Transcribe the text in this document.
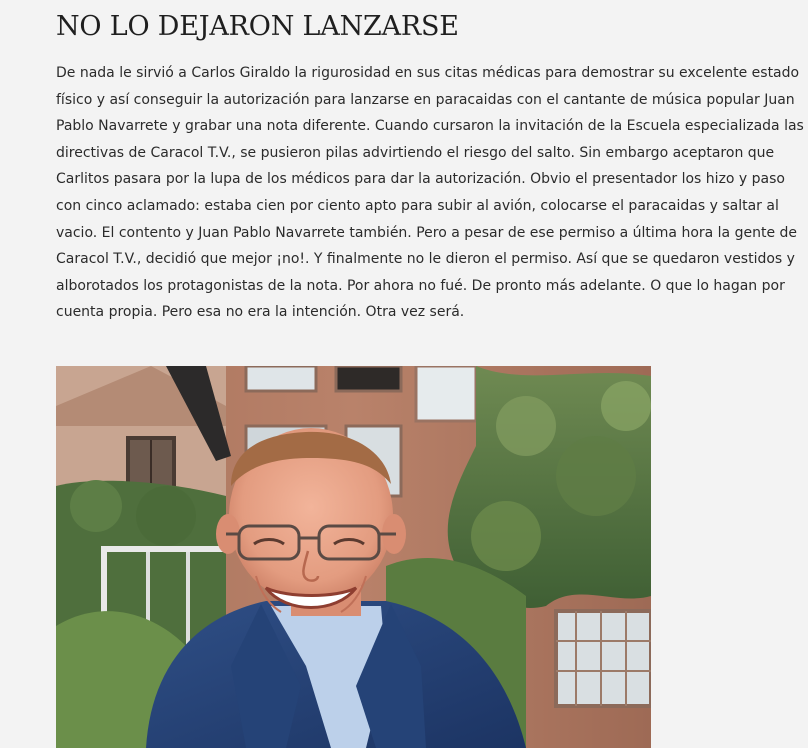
NO LO DEJARON LANZARSE

De nada le sirvió a Carlos Giraldo la rigurosidad en sus citas médicas para demostrar su excelente estado
físico y así conseguir la autorización para lanzarse en paracaidas con el cantante de música popular Juan
Pablo Navarrete y grabar una nota diferente. Cuando cursaron la invitación de la Escuela especializada las
directivas de Caracol T.V., se pusieron pilas advirtiendo el riesgo del salto. Sin embargo aceptaron que
Carlitos pasara por la lupa de los médicos para dar la autorización. Obvio el presentador los hizo y paso
con cinco aclamado: estaba cien por ciento apto para subir al avión, colocarse el paracaidas y saltar al
vacio. El contento y Juan Pablo Navarrete también. Pero a pesar de ese permiso a última hora la gente de
Caracol T.V., decidió que mejor ¡no!. Y finalmente no le dieron el permiso. Así que se quedaron vestidos y
alborotados los protagonistas de la nota. Por ahora no fué. De pronto más adelante. O que lo hagan por
cuenta propia. Pero esa no era la intención. Otra vez será.
